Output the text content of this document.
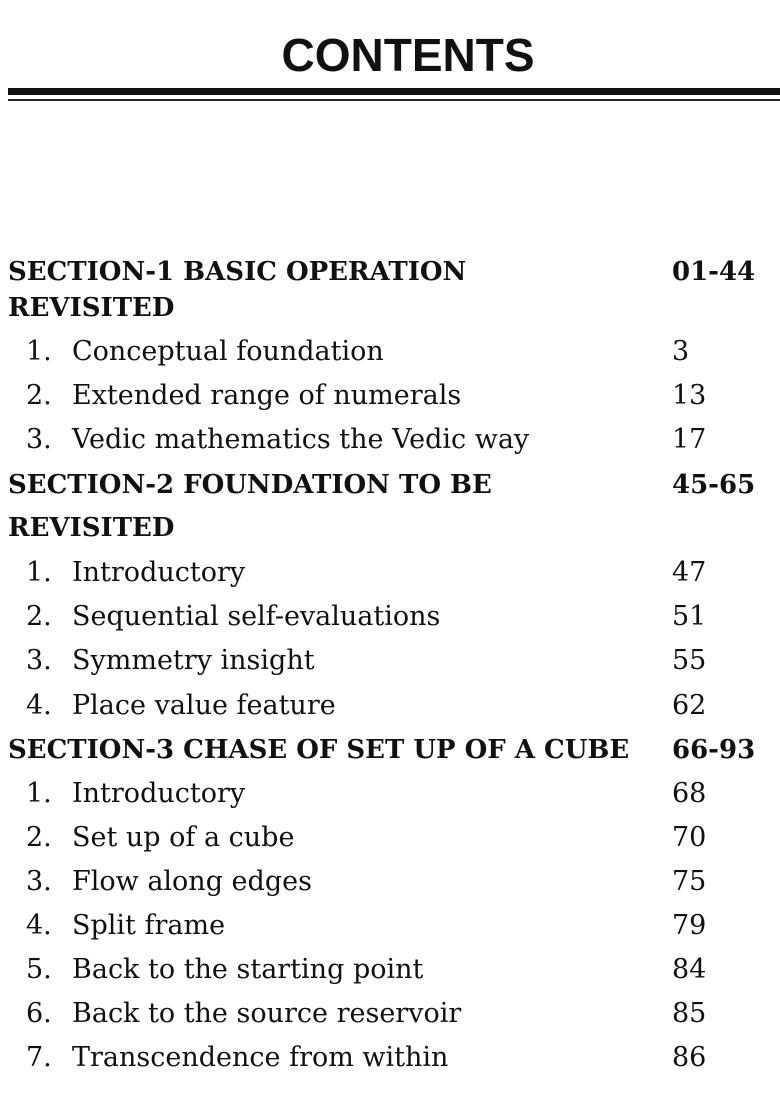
CONTENTS
SECTION-1 BASIC OPERATION	01-44
REVISITED
1. Conceptual foundation	3
2. Extended range of numerals	13
3. Vedic mathematics the Vedic way	17
SECTION-2 FOUNDATION TO BE	45-65
REVISITED
1. Introductory	47
2. Sequential self-evaluations	51
3. Symmetry insight	55
4. Place value feature	62
SECTION-3 CHASE OF SET UP OF A CUBE 66-93
1. Introductory	68
2. Set up of a cube	70
3. Flow along edges	75
4. Split frame	79
5. Back to the starting point	84
6. Back to the source reservoir	85
7. Transcendence from within	86
